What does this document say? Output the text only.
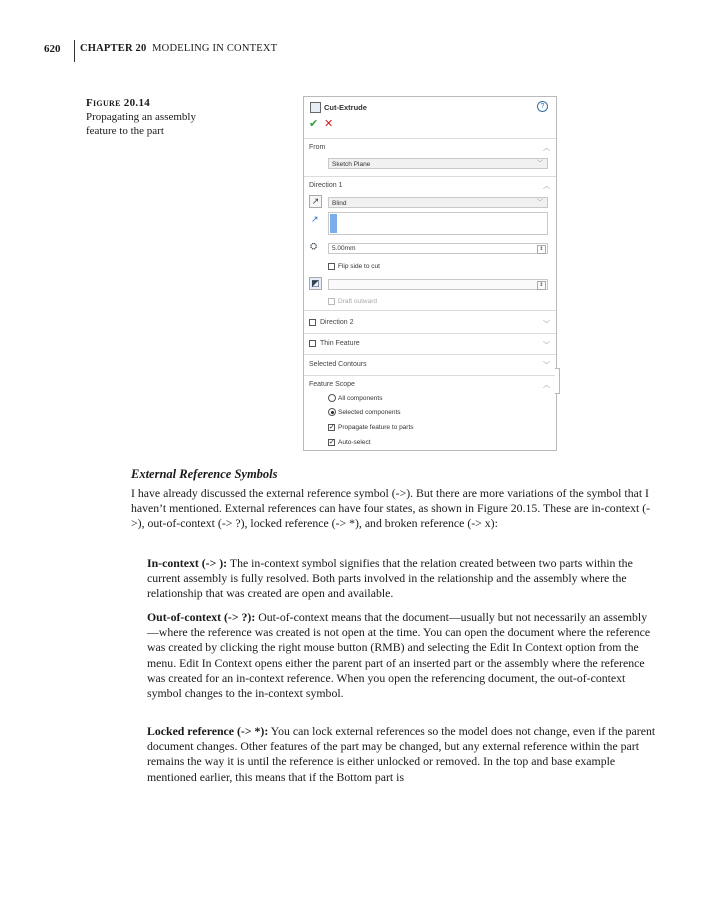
620 CHAPTER 20 MODELING IN CONTEXT
Figure 20.14
Propagating an assembly feature to the part
Cut-Extrude	?
✔ ✕
From	︿
Sketch Plane	﹀
Direction 1	︿
↗	Blind	﹀
↗
⛭	5.00mm	⇕
Flip side to cut
◩	⇕
Draft outward
Direction 2	﹀
Thin Feature	﹀
Selected Contours	﹀
Feature Scope	︿
All components
Selected components
✓ Propagate feature to parts
✓ Auto-select
External Reference Symbols
I have already discussed the external reference symbol (->). But there are more variations of the symbol that I haven’t mentioned. External references can have four states, as shown in Figure 20.15. These are in-context (->), out-of-context (-> ?), locked reference (-> *), and broken reference (-> x):
In-context (-> ): The in-context symbol signifies that the relation created between two parts within the current assembly is fully resolved. Both parts involved in the relationship and the assembly where the relationship that was created are open and available.
Out-of-context (-> ?): Out-of-context means that the document—usually but not necessarily an assembly—where the reference was created is not open at the time. You can open the document where the reference was created by clicking the right mouse button (RMB) and selecting the Edit In Context option from the menu. Edit In Context opens either the parent part of an inserted part or the assembly where the reference was created for an in-context reference. When you open the referencing document, the out-of-context symbol changes to the in-context symbol.
Locked reference (-> *): You can lock external references so the model does not change, even if the parent document changes. Other features of the part may be changed, but any external reference within the part remains the way it is until the reference is either unlocked or removed. In the top and base example mentioned earlier, this means that if the Bottom part is
